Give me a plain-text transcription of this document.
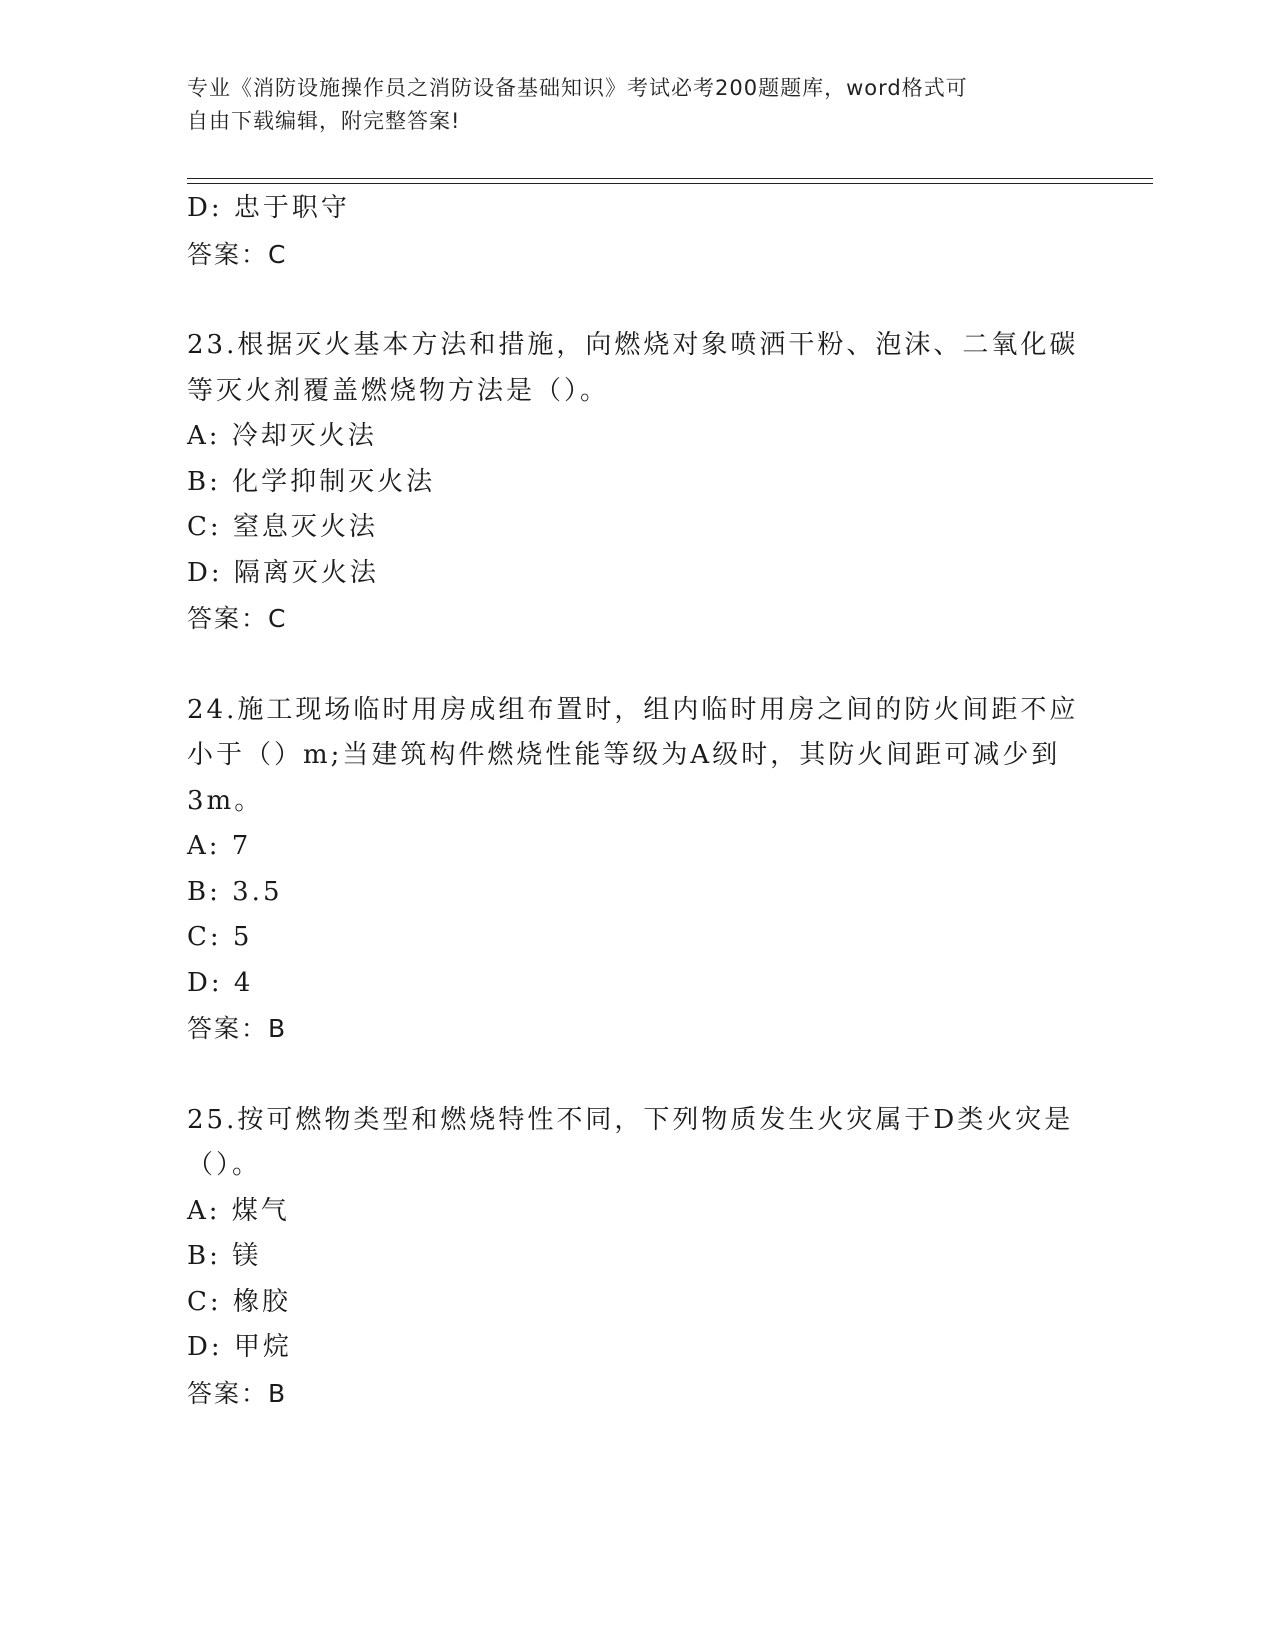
专业《消防设施操作员之消防设备基础知识》考试必考200题题库，word格式可
自由下载编辑，附完整答案!
D: 忠于职守
答案：C
23.根据灭火基本方法和措施，向燃烧对象喷洒干粉、泡沫、二氧化碳
等灭火剂覆盖燃烧物方法是（）。
A: 冷却灭火法
B: 化学抑制灭火法
C: 窒息灭火法
D: 隔离灭火法
答案：C
24.施工现场临时用房成组布置时，组内临时用房之间的防火间距不应
小于（）m;当建筑构件燃烧性能等级为A级时，其防火间距可减少到
3m。
A: 7
B: 3.5
C: 5
D: 4
答案：B
25.按可燃物类型和燃烧特性不同，下列物质发生火灾属于D类火灾是
（）。
A: 煤气
B: 镁
C: 橡胶
D: 甲烷
答案：B
